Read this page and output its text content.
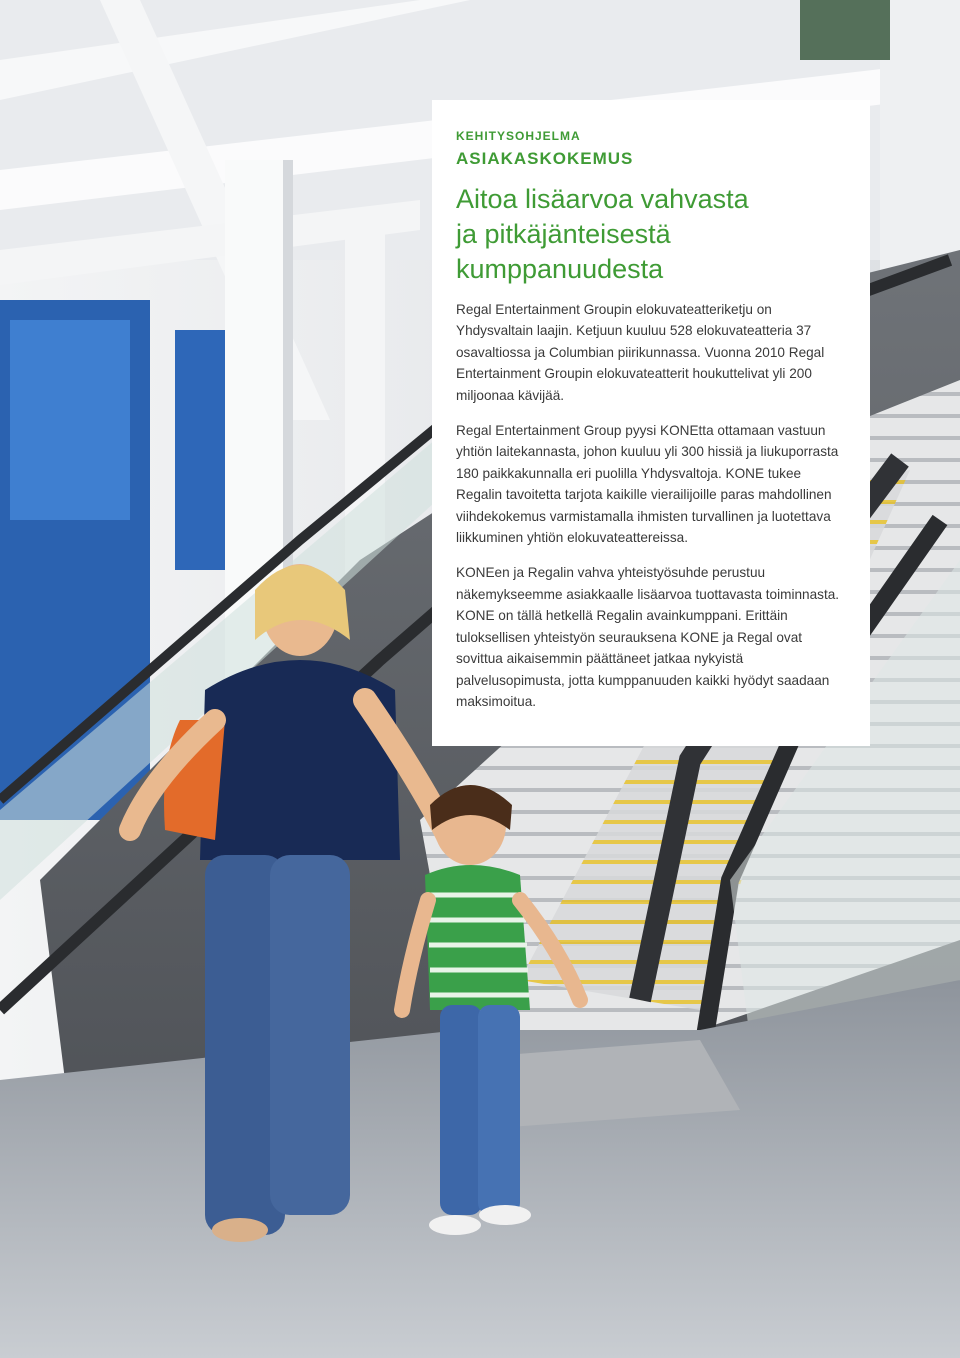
KEHITYSOHJELMA

ASIAKASKOKEMUS

Aitoa lisäarvoa vahvasta
ja pitkäjänteisestä
kumppanuudesta

Regal Entertainment Groupin elokuvateatteriketju on Yhdysvaltain laajin. Ketjuun kuuluu 528 elokuvateatteria 37 osavaltiossa ja Columbian piirikunnassa. Vuonna 2010 Regal Entertainment Groupin elokuvateatterit houkuttelivat yli 200 miljoonaa kävijää.

Regal Entertainment Group pyysi KONEtta ottamaan vastuun yhtiön laitekannasta, johon kuuluu yli 300 hissiä ja liukuporrasta 180 paikkakunnalla eri puolilla Yhdysvaltoja. KONE tukee Regalin tavoitetta tarjota kaikille vierailijoille paras mahdollinen viihdekokemus varmistamalla ihmisten turvallinen ja luotettava liikkuminen yhtiön elokuvateattereissa.

KONEen ja Regalin vahva yhteistyösuhde perustuu näkemykseemme asiakkaalle lisäarvoa tuottavasta toiminnasta. KONE on tällä hetkellä Regalin avainkumppani. Erittäin tuloksellisen yhteistyön seurauksena KONE ja Regal ovat sovittua aikaisemmin päättäneet jatkaa nykyistä palvelusopimusta, jotta kumppanuuden kaikki hyödyt saadaan maksimoitua.
